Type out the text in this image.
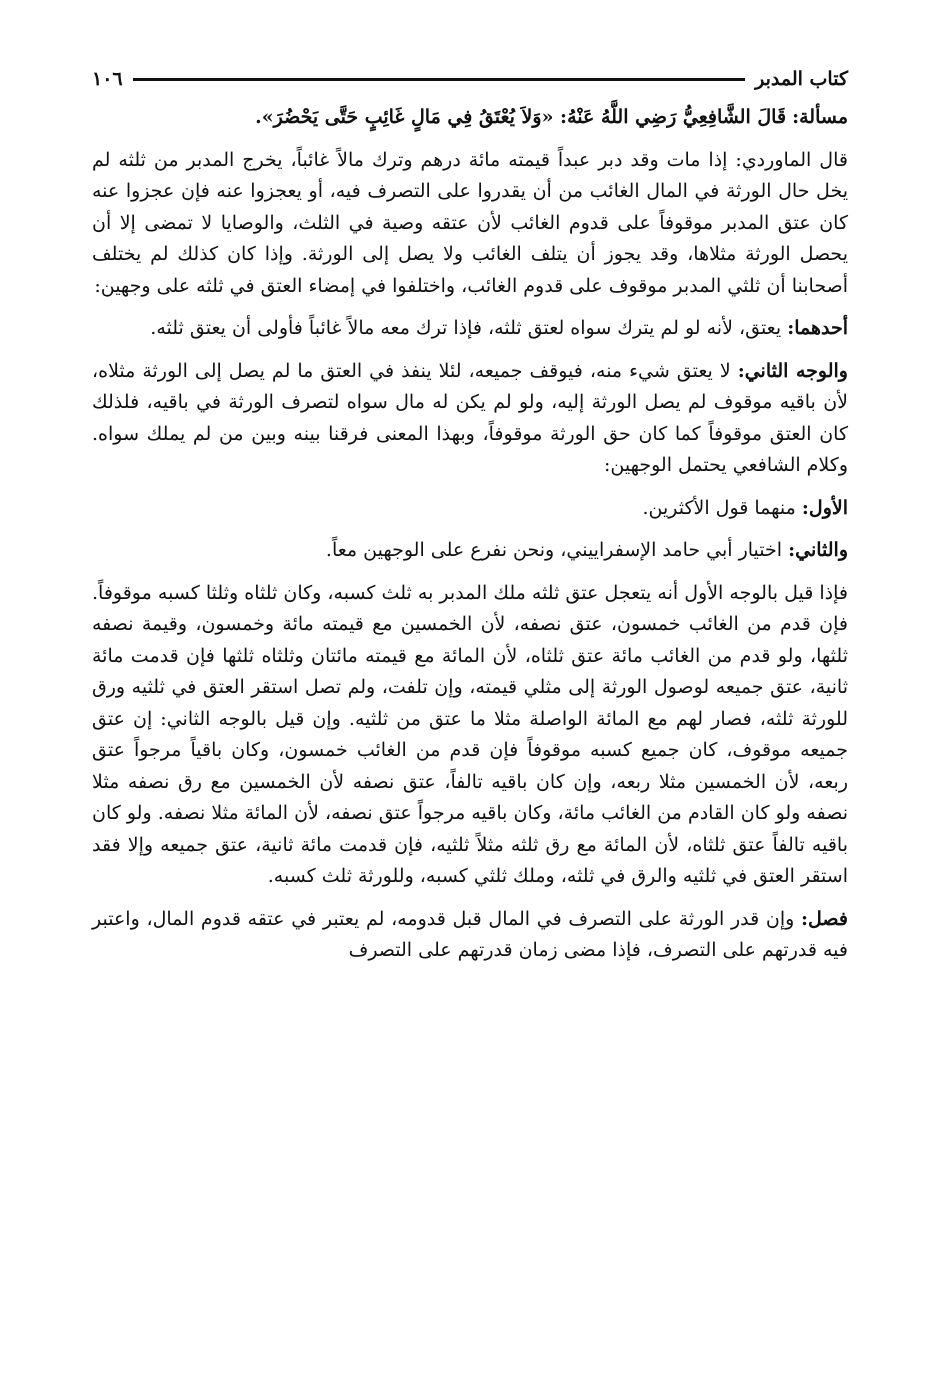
كتاب المدبر
١٠٦

مسألة: قَالَ الشَّافِعِيُّ رَضِي اللَّهُ عَنْهُ: «وَلاَ يُعْتَقُ فِي مَالٍ غَائِبٍ حَتَّى يَحْضُرَ».

قال الماوردي: إذا مات وقد دبر عبداً قيمته مائة درهم وترك مالاً غائباً، يخرج المدبر من ثلثه لم يخل حال الورثة في المال الغائب من أن يقدروا على التصرف فيه، أو يعجزوا عنه فإن عجزوا عنه كان عتق المدبر موقوفاً على قدوم الغائب لأن عتقه وصية في الثلث، والوصايا لا تمضى إلا أن يحصل الورثة مثلاها، وقد يجوز أن يتلف الغائب ولا يصل إلى الورثة. وإذا كان كذلك لم يختلف أصحابنا أن ثلثي المدبر موقوف على قدوم الغائب، واختلفوا في إمضاء العتق في ثلثه على وجهين:

أحدهما: يعتق، لأنه لو لم يترك سواه لعتق ثلثه، فإذا ترك معه مالاً غائباً فأولى أن يعتق ثلثه.

والوجه الثاني: لا يعتق شيء منه، فيوقف جميعه، لئلا ينفذ في العتق ما لم يصل إلى الورثة مثلاه، لأن باقيه موقوف لم يصل الورثة إليه، ولو لم يكن له مال سواه لتصرف الورثة في باقيه، فلذلك كان العتق موقوفاً كما كان حق الورثة موقوفاً، وبهذا المعنى فرقنا بينه وبين من لم يملك سواه. وكلام الشافعي يحتمل الوجهين:

الأول: منهما قول الأكثرين.

والثاني: اختيار أبي حامد الإسفراييني، ونحن نفرع على الوجهين معاً.

فإذا قيل بالوجه الأول أنه يتعجل عتق ثلثه ملك المدبر به ثلث كسبه، وكان ثلثاه وثلثا كسبه موقوفاً. فإن قدم من الغائب خمسون، عتق نصفه، لأن الخمسين مع قيمته مائة وخمسون، وقيمة نصفه ثلثها، ولو قدم من الغائب مائة عتق ثلثاه، لأن المائة مع قيمته مائتان وثلثاه ثلثها فإن قدمت مائة ثانية، عتق جميعه لوصول الورثة إلى مثلي قيمته، وإن تلفت، ولم تصل استقر العتق في ثلثيه ورق للورثة ثلثه، فصار لهم مع المائة الواصلة مثلا ما عتق من ثلثيه. وإن قيل بالوجه الثاني: إن عتق جميعه موقوف، كان جميع كسبه موقوفاً فإن قدم من الغائب خمسون، وكان باقياً مرجواً عتق ربعه، لأن الخمسين مثلا ربعه، وإن كان باقيه تالفاً، عتق نصفه لأن الخمسين مع رق نصفه مثلا نصفه ولو كان القادم من الغائب مائة، وكان باقيه مرجواً عتق نصفه، لأن المائة مثلا نصفه. ولو كان باقيه تالفاً عتق ثلثاه، لأن المائة مع رق ثلثه مثلاً ثلثيه، فإن قدمت مائة ثانية، عتق جميعه وإلا فقد استقر العتق في ثلثيه والرق في ثلثه، وملك ثلثي كسبه، وللورثة ثلث كسبه.

فصل: وإن قدر الورثة على التصرف في المال قبل قدومه، لم يعتبر في عتقه قدوم المال، واعتبر فيه قدرتهم على التصرف، فإذا مضى زمان قدرتهم على التصرف
